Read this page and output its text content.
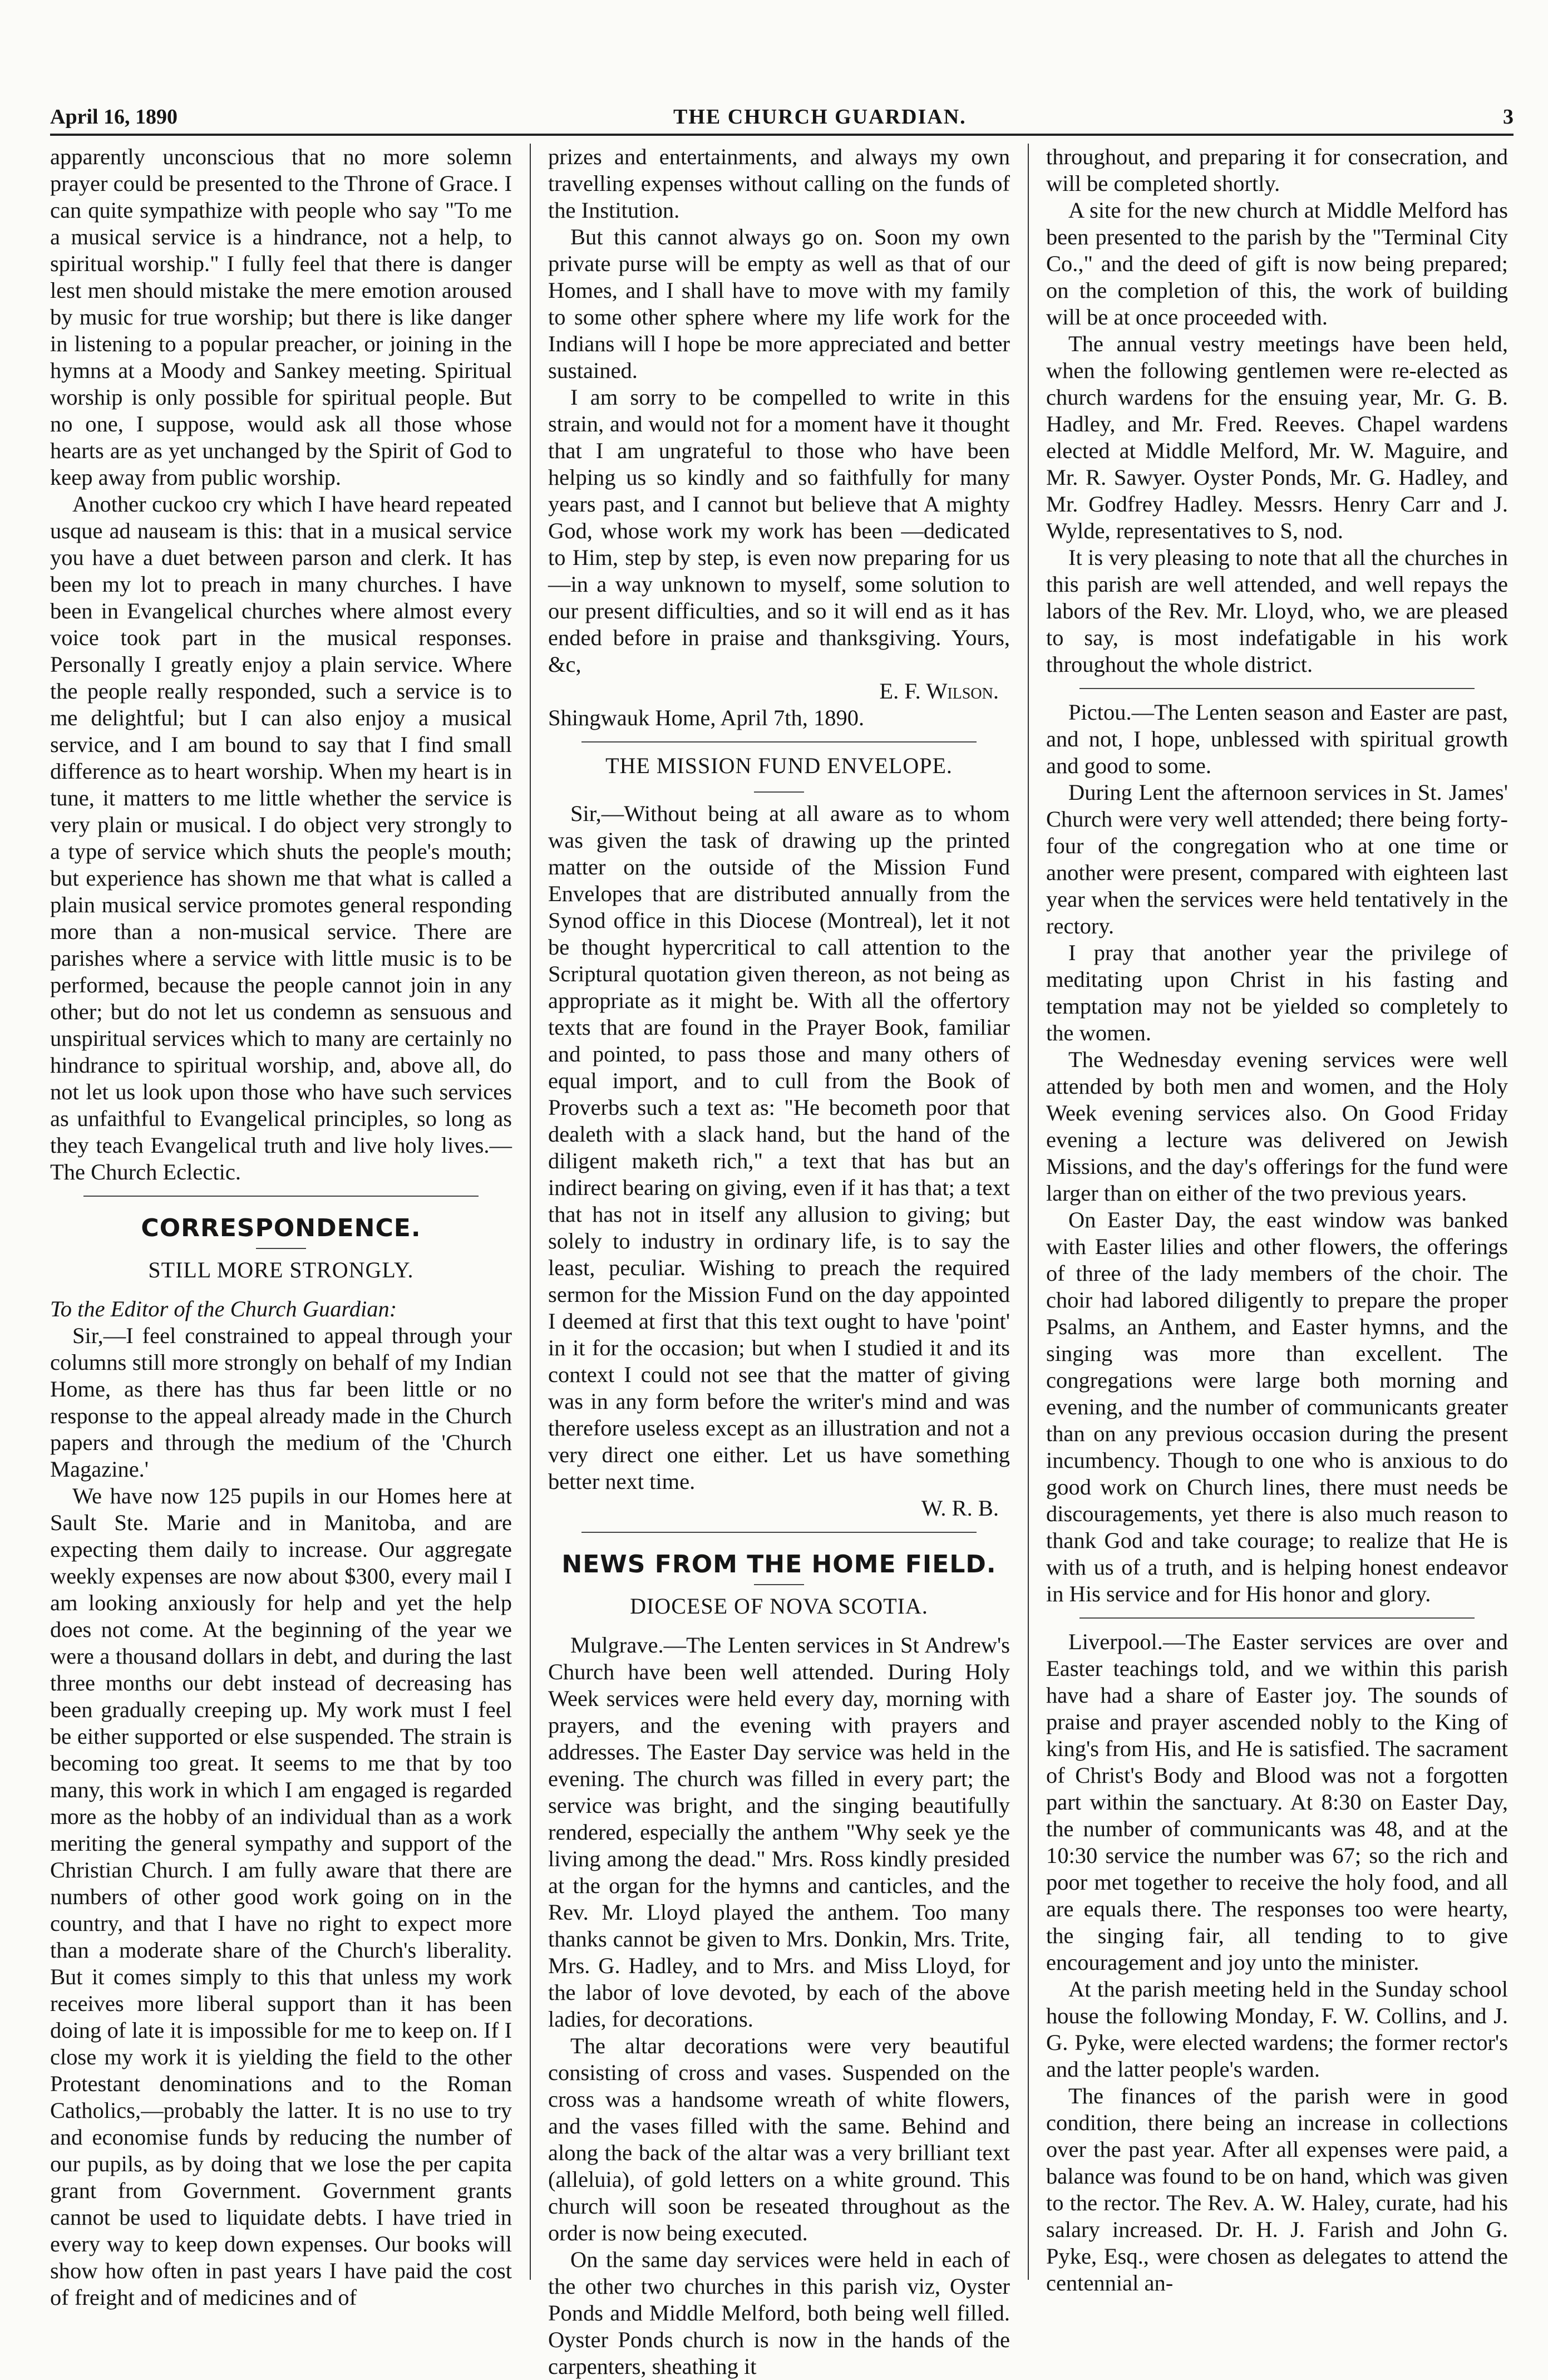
April 16, 1890	THE CHURCH GUARDIAN.	3

apparently unconscious that no more solemn prayer could be presented to the Throne of Grace. I can quite sympathize with people who say "To me a musical service is a hindrance, not a help, to spiritual worship." I fully feel that there is danger lest men should mistake the mere emotion aroused by music for true worship; but there is like danger in listening to a popular preacher, or joining in the hymns at a Moody and Sankey meeting. Spiritual worship is only possible for spiritual people. But no one, I suppose, would ask all those whose hearts are as yet unchanged by the Spirit of God to keep away from public worship.

Another cuckoo cry which I have heard repeated usque ad nauseam is this: that in a musical service you have a duet between parson and clerk. It has been my lot to preach in many churches. I have been in Evangelical churches where almost every voice took part in the musical responses. Personally I greatly enjoy a plain service. Where the people really responded, such a service is to me delightful; but I can also enjoy a musical service, and I am bound to say that I find small difference as to heart worship. When my heart is in tune, it matters to me little whether the service is very plain or musical. I do object very strongly to a type of service which shuts the people's mouth; but experience has shown me that what is called a plain musical service promotes general responding more than a non-musical service. There are parishes where a service with little music is to be performed, because the people cannot join in any other; but do not let us condemn as sensuous and unspiritual services which to many are certainly no hindrance to spiritual worship, and, above all, do not let us look upon those who have such services as unfaithful to Evangelical principles, so long as they teach Evangelical truth and live holy lives.—The Church Eclectic.

CORRESPONDENCE.
STILL MORE STRONGLY.

To the Editor of the Church Guardian:

Sir,—I feel constrained to appeal through your columns still more strongly on behalf of my Indian Home, as there has thus far been little or no response to the appeal already made in the Church papers and through the medium of the 'Church Magazine.'

We have now 125 pupils in our Homes here at Sault Ste. Marie and in Manitoba, and are expecting them daily to increase. Our aggregate weekly expenses are now about $300, every mail I am looking anxiously for help and yet the help does not come. At the beginning of the year we were a thousand dollars in debt, and during the last three months our debt instead of decreasing has been gradually creeping up. My work must I feel be either supported or else suspended. The strain is becoming too great. It seems to me that by too many, this work in which I am engaged is regarded more as the hobby of an individual than as a work meriting the general sympathy and support of the Christian Church. I am fully aware that there are numbers of other good work going on in the country, and that I have no right to expect more than a moderate share of the Church's liberality. But it comes simply to this that unless my work receives more liberal support than it has been doing of late it is impossible for me to keep on. If I close my work it is yielding the field to the other Protestant denominations and to the Roman Catholics,—probably the latter. It is no use to try and economise funds by reducing the number of our pupils, as by doing that we lose the per capita grant from Government. Government grants cannot be used to liquidate debts. I have tried in every way to keep down expenses. Our books will show how often in past years I have paid the cost of freight and of medicines and of

prizes and entertainments, and always my own travelling expenses without calling on the funds of the Institution.

But this cannot always go on. Soon my own private purse will be empty as well as that of our Homes, and I shall have to move with my family to some other sphere where my life work for the Indians will I hope be more appreciated and better sustained.

I am sorry to be compelled to write in this strain, and would not for a moment have it thought that I am ungrateful to those who have been helping us so kindly and so faithfully for many years past, and I cannot but believe that A mighty God, whose work my work has been —dedicated to Him, step by step, is even now preparing for us—in a way unknown to myself, some solution to our present difficulties, and so it will end as it has ended before in praise and thanksgiving. Yours, &c,

E. F. Wilson.

Shingwauk Home, April 7th, 1890.

THE MISSION FUND ENVELOPE.

Sir,—Without being at all aware as to whom was given the task of drawing up the printed matter on the outside of the Mission Fund Envelopes that are distributed annually from the Synod office in this Diocese (Montreal), let it not be thought hypercritical to call attention to the Scriptural quotation given thereon, as not being as appropriate as it might be. With all the offertory texts that are found in the Prayer Book, familiar and pointed, to pass those and many others of equal import, and to cull from the Book of Proverbs such a text as: "He becometh poor that dealeth with a slack hand, but the hand of the diligent maketh rich," a text that has but an indirect bearing on giving, even if it has that; a text that has not in itself any allusion to giving; but solely to industry in ordinary life, is to say the least, peculiar. Wishing to preach the required sermon for the Mission Fund on the day appointed I deemed at first that this text ought to have 'point' in it for the occasion; but when I studied it and its context I could not see that the matter of giving was in any form before the writer's mind and was therefore useless except as an illustration and not a very direct one either. Let us have something better next time.

W. R. B.

NEWS FROM THE HOME FIELD.
DIOCESE OF NOVA SCOTIA.

Mulgrave.—The Lenten services in St Andrew's Church have been well attended. During Holy Week services were held every day, morning with prayers, and the evening with prayers and addresses. The Easter Day service was held in the evening. The church was filled in every part; the service was bright, and the singing beautifully rendered, especially the anthem "Why seek ye the living among the dead." Mrs. Ross kindly presided at the organ for the hymns and canticles, and the Rev. Mr. Lloyd played the anthem. Too many thanks cannot be given to Mrs. Donkin, Mrs. Trite, Mrs. G. Hadley, and to Mrs. and Miss Lloyd, for the labor of love devoted, by each of the above ladies, for decorations.

The altar decorations were very beautiful consisting of cross and vases. Suspended on the cross was a handsome wreath of white flowers, and the vases filled with the same. Behind and along the back of the altar was a very brilliant text (alleluia), of gold letters on a white ground. This church will soon be reseated throughout as the order is now being executed.

On the same day services were held in each of the other two churches in this parish viz, Oyster Ponds and Middle Melford, both being well filled. Oyster Ponds church is now in the hands of the carpenters, sheathing it

throughout, and preparing it for consecration, and will be completed shortly.

A site for the new church at Middle Melford has been presented to the parish by the "Terminal City Co.," and the deed of gift is now being prepared; on the completion of this, the work of building will be at once proceeded with.

The annual vestry meetings have been held, when the following gentlemen were re-elected as church wardens for the ensuing year, Mr. G. B. Hadley, and Mr. Fred. Reeves. Chapel wardens elected at Middle Melford, Mr. W. Maguire, and Mr. R. Sawyer. Oyster Ponds, Mr. G. Hadley, and Mr. Godfrey Hadley. Messrs. Henry Carr and J. Wylde, representatives to S, nod.

It is very pleasing to note that all the churches in this parish are well attended, and well repays the labors of the Rev. Mr. Lloyd, who, we are pleased to say, is most indefatigable in his work throughout the whole district.

Pictou.—The Lenten season and Easter are past, and not, I hope, unblessed with spiritual growth and good to some.

During Lent the afternoon services in St. James' Church were very well attended; there being forty-four of the congregation who at one time or another were present, compared with eighteen last year when the services were held tentatively in the rectory.

I pray that another year the privilege of meditating upon Christ in his fasting and temptation may not be yielded so completely to the women.

The Wednesday evening services were well attended by both men and women, and the Holy Week evening services also. On Good Friday evening a lecture was delivered on Jewish Missions, and the day's offerings for the fund were larger than on either of the two previous years.

On Easter Day, the east window was banked with Easter lilies and other flowers, the offerings of three of the lady members of the choir. The choir had labored diligently to prepare the proper Psalms, an Anthem, and Easter hymns, and the singing was more than excellent. The congregations were large both morning and evening, and the number of communicants greater than on any previous occasion during the present incumbency. Though to one who is anxious to do good work on Church lines, there must needs be discouragements, yet there is also much reason to thank God and take courage; to realize that He is with us of a truth, and is helping honest endeavor in His service and for His honor and glory.

Liverpool.—The Easter services are over and Easter teachings told, and we within this parish have had a share of Easter joy. The sounds of praise and prayer ascended nobly to the King of king's from His, and He is satisfied. The sacrament of Christ's Body and Blood was not a forgotten part within the sanctuary. At 8:30 on Easter Day, the number of communicants was 48, and at the 10:30 service the number was 67; so the rich and poor met together to receive the holy food, and all are equals there. The responses too were hearty, the singing fair, all tending to to give encouragement and joy unto the minister.

At the parish meeting held in the Sunday school house the following Monday, F. W. Collins, and J. G. Pyke, were elected wardens; the former rector's and the latter people's warden.

The finances of the parish were in good condition, there being an increase in collections over the past year. After all expenses were paid, a balance was found to be on hand, which was given to the rector. The Rev. A. W. Haley, curate, had his salary increased. Dr. H. J. Farish and John G. Pyke, Esq., were chosen as delegates to attend the centennial an-
